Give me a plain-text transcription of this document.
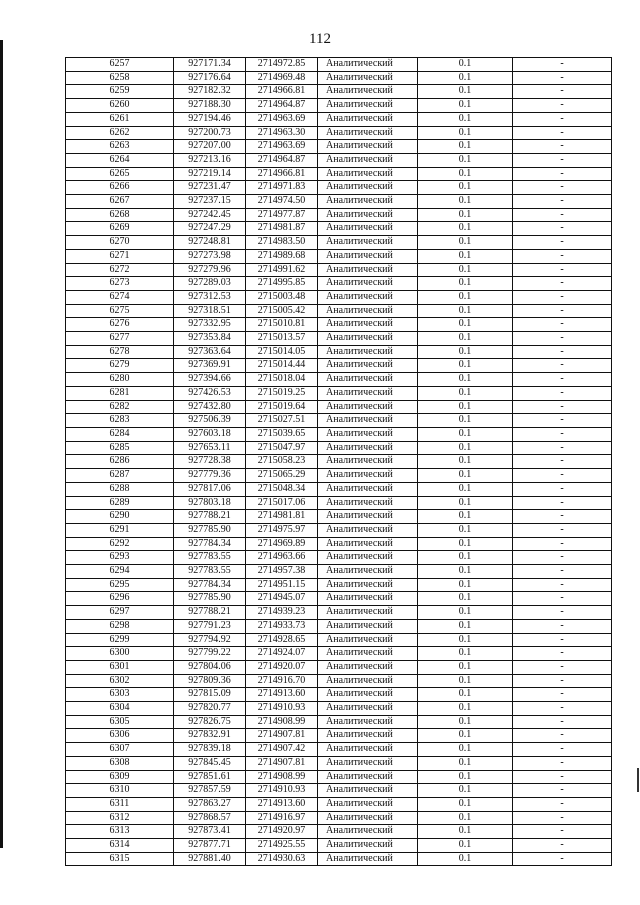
112
6257	927171.34	2714972.85	Аналитический	0.1	-
6258	927176.64	2714969.48	Аналитический	0.1	-
6259	927182.32	2714966.81	Аналитический	0.1	-
6260	927188.30	2714964.87	Аналитический	0.1	-
6261	927194.46	2714963.69	Аналитический	0.1	-
6262	927200.73	2714963.30	Аналитический	0.1	-
6263	927207.00	2714963.69	Аналитический	0.1	-
6264	927213.16	2714964.87	Аналитический	0.1	-
6265	927219.14	2714966.81	Аналитический	0.1	-
6266	927231.47	2714971.83	Аналитический	0.1	-
6267	927237.15	2714974.50	Аналитический	0.1	-
6268	927242.45	2714977.87	Аналитический	0.1	-
6269	927247.29	2714981.87	Аналитический	0.1	-
6270	927248.81	2714983.50	Аналитический	0.1	-
6271	927273.98	2714989.68	Аналитический	0.1	-
6272	927279.96	2714991.62	Аналитический	0.1	-
6273	927289.03	2714995.85	Аналитический	0.1	-
6274	927312.53	2715003.48	Аналитический	0.1	-
6275	927318.51	2715005.42	Аналитический	0.1	-
6276	927332.95	2715010.81	Аналитический	0.1	-
6277	927353.84	2715013.57	Аналитический	0.1	-
6278	927363.64	2715014.05	Аналитический	0.1	-
6279	927369.91	2715014.44	Аналитический	0.1	-
6280	927394.66	2715018.04	Аналитический	0.1	-
6281	927426.53	2715019.25	Аналитический	0.1	-
6282	927432.80	2715019.64	Аналитический	0.1	-
6283	927506.39	2715027.51	Аналитический	0.1	-
6284	927603.18	2715039.65	Аналитический	0.1	-
6285	927653.11	2715047.97	Аналитический	0.1	-
6286	927728.38	2715058.23	Аналитический	0.1	-
6287	927779.36	2715065.29	Аналитический	0.1	-
6288	927817.06	2715048.34	Аналитический	0.1	-
6289	927803.18	2715017.06	Аналитический	0.1	-
6290	927788.21	2714981.81	Аналитический	0.1	-
6291	927785.90	2714975.97	Аналитический	0.1	-
6292	927784.34	2714969.89	Аналитический	0.1	-
6293	927783.55	2714963.66	Аналитический	0.1	-
6294	927783.55	2714957.38	Аналитический	0.1	-
6295	927784.34	2714951.15	Аналитический	0.1	-
6296	927785.90	2714945.07	Аналитический	0.1	-
6297	927788.21	2714939.23	Аналитический	0.1	-
6298	927791.23	2714933.73	Аналитический	0.1	-
6299	927794.92	2714928.65	Аналитический	0.1	-
6300	927799.22	2714924.07	Аналитический	0.1	-
6301	927804.06	2714920.07	Аналитический	0.1	-
6302	927809.36	2714916.70	Аналитический	0.1	-
6303	927815.09	2714913.60	Аналитический	0.1	-
6304	927820.77	2714910.93	Аналитический	0.1	-
6305	927826.75	2714908.99	Аналитический	0.1	-
6306	927832.91	2714907.81	Аналитический	0.1	-
6307	927839.18	2714907.42	Аналитический	0.1	-
6308	927845.45	2714907.81	Аналитический	0.1	-
6309	927851.61	2714908.99	Аналитический	0.1	-
6310	927857.59	2714910.93	Аналитический	0.1	-
6311	927863.27	2714913.60	Аналитический	0.1	-
6312	927868.57	2714916.97	Аналитический	0.1	-
6313	927873.41	2714920.97	Аналитический	0.1	-
6314	927877.71	2714925.55	Аналитический	0.1	-
6315	927881.40	2714930.63	Аналитический	0.1	-
